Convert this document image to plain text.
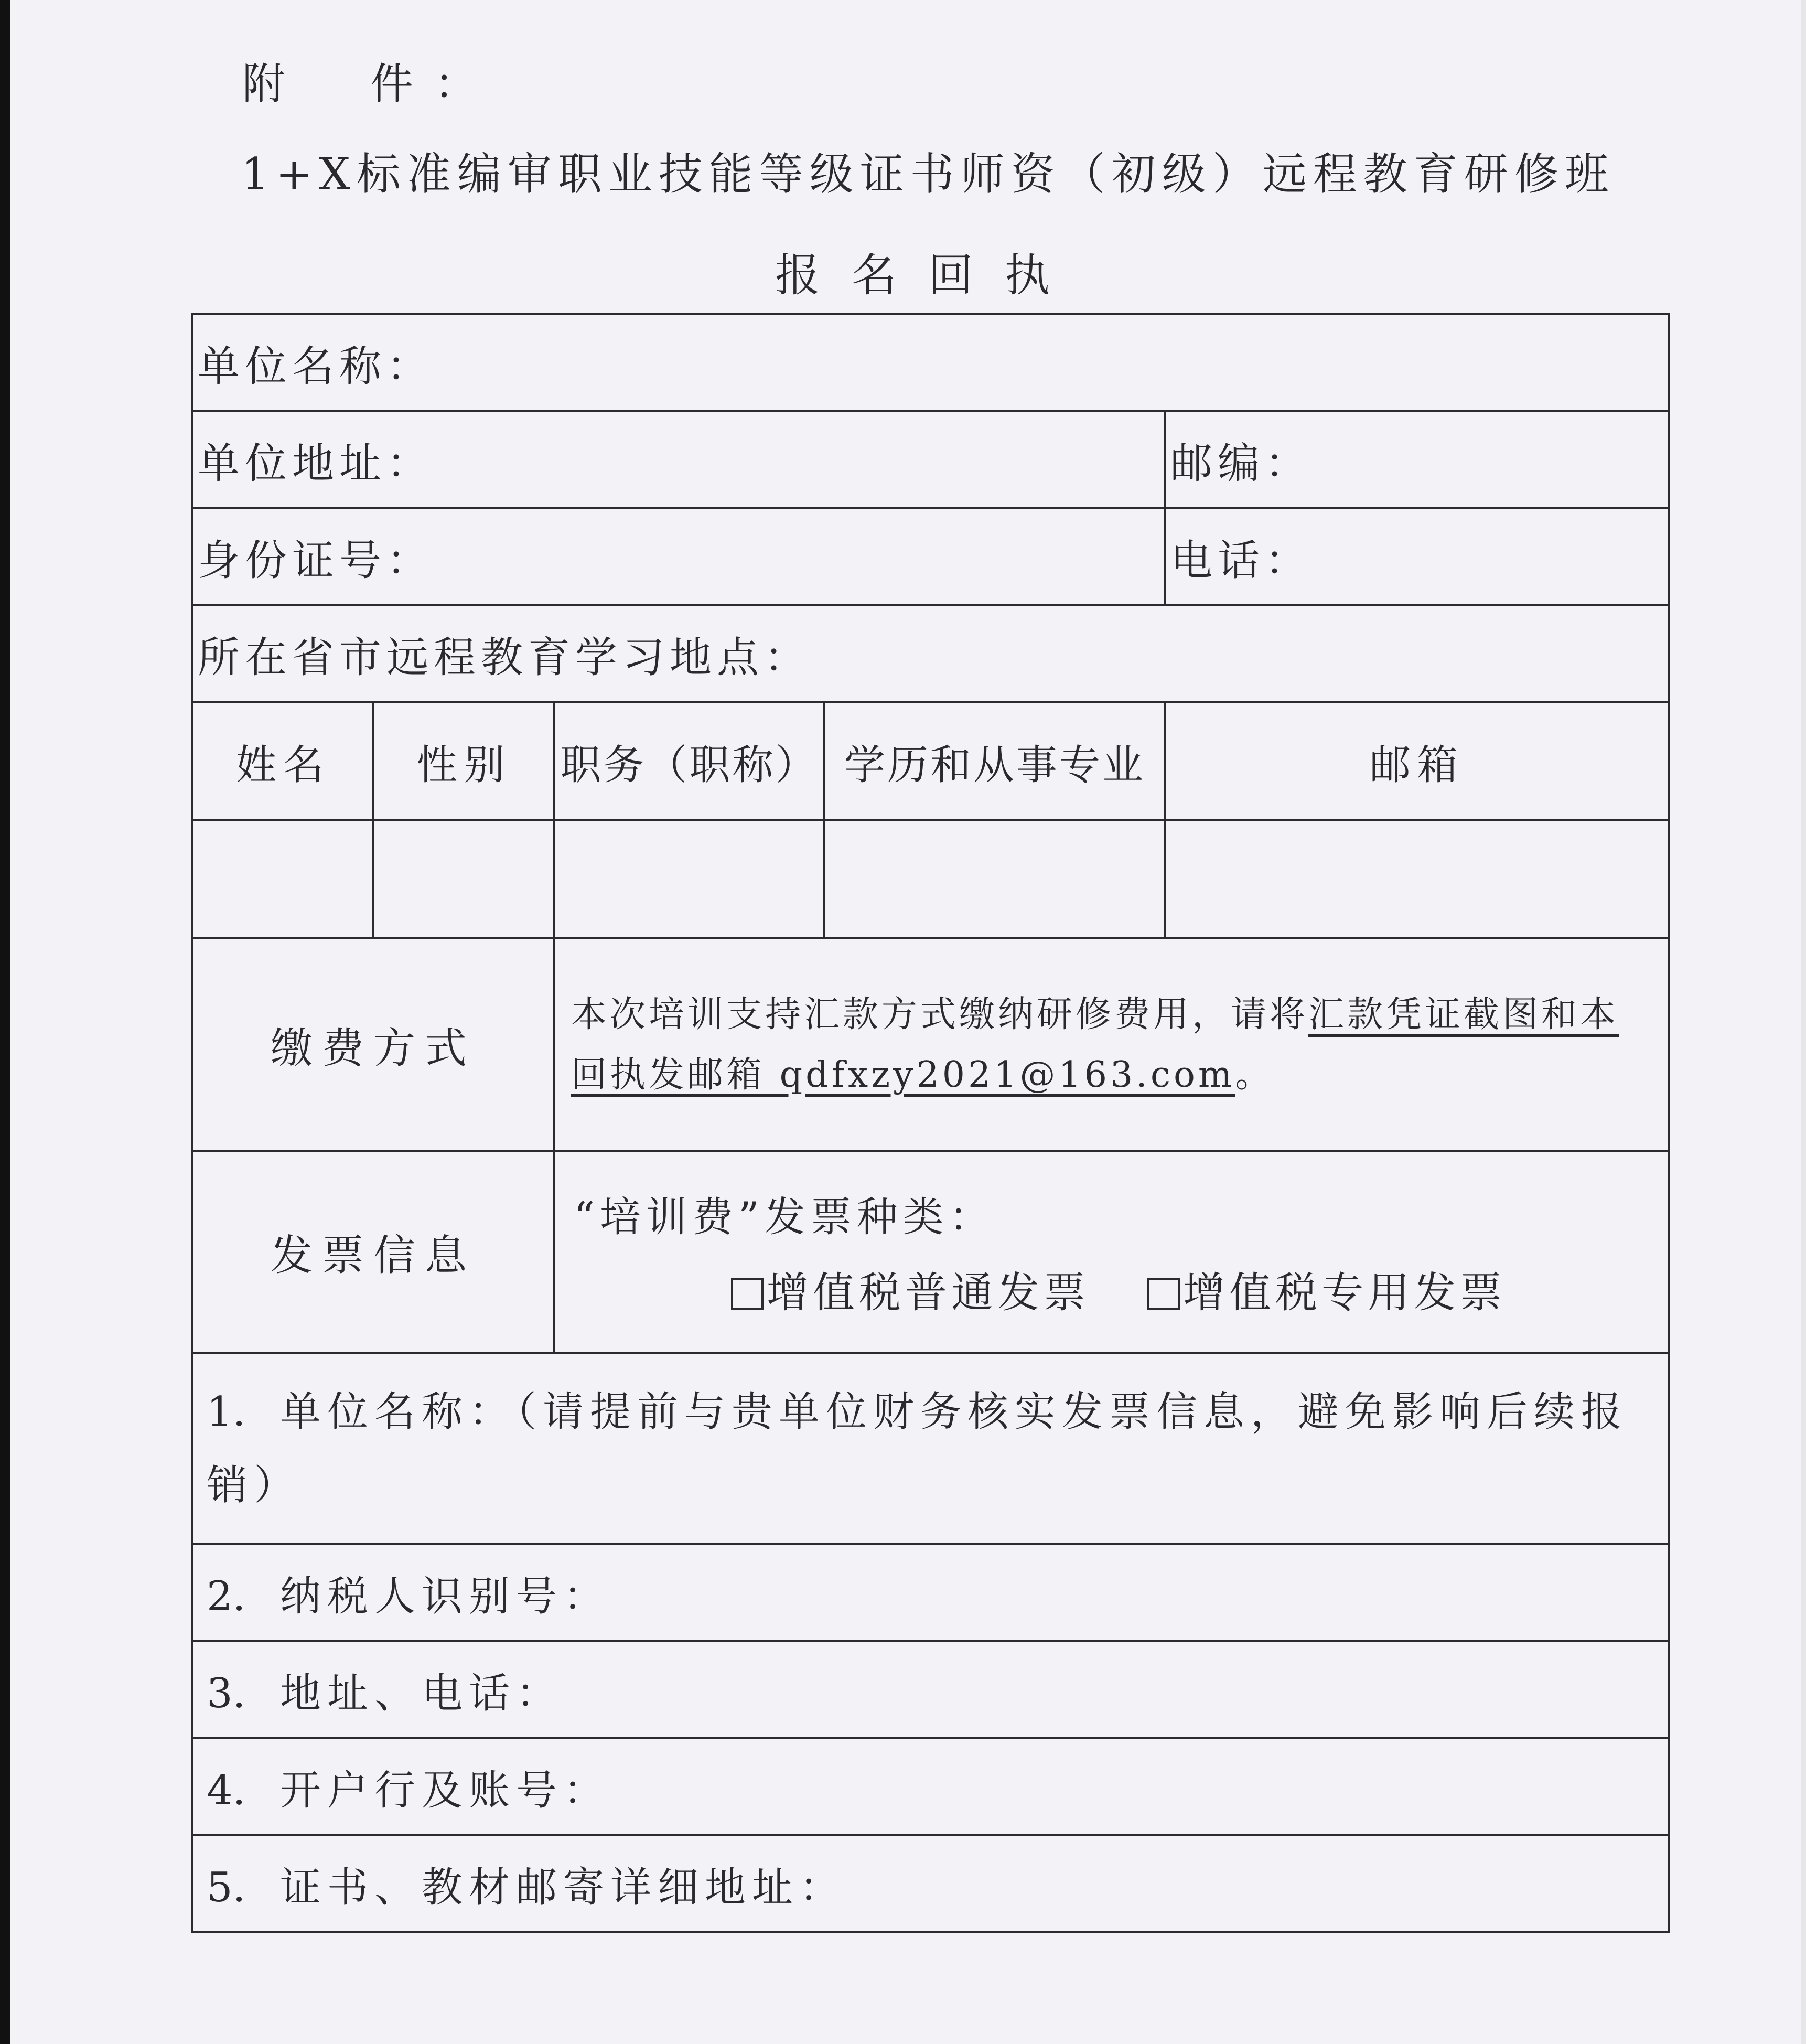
附　件：
1+X标准编审职业技能等级证书师资（初级）远程教育研修班
报名回执
单位名称：				
单位地址：				邮编：
身份证号：				电话：
所在省市远程教育学习地点：				
姓名	性别	职务（职称）	学历和从事专业	邮箱

缴费方式		本次培训支持汇款方式缴纳研修费用，请将汇款凭证截图和本回执发邮箱 qdfxzy2021@163.com。		
发票信息		“培训费”发票种类：
增值税普通发票 增值税专用发票		

1. 单位名称：（请提前与贵单位财务核实发票信息，避免影响后续报销）				
2. 纳税人识别号：				
3. 地址、电话：				
4. 开户行及账号：				
5. 证书、教材邮寄详细地址：				
